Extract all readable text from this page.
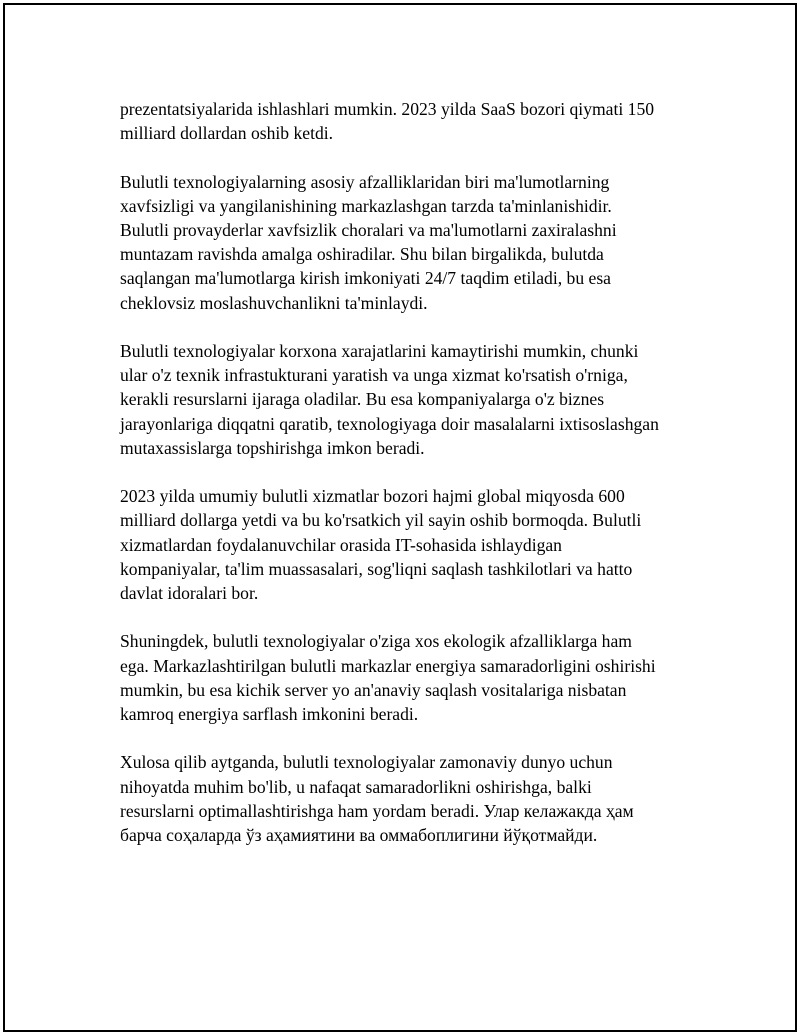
prezentatsiyalarida ishlashlari mumkin. 2023 yilda SaaS bozori qiymati 150
milliard dollardan oshib ketdi.

Bulutli texnologiyalarning asosiy afzalliklaridan biri ma'lumotlarning
xavfsizligi va yangilanishining markazlashgan tarzda ta'minlanishidir.
Bulutli provayderlar xavfsizlik choralari va ma'lumotlarni zaxiralashni
muntazam ravishda amalga oshiradilar. Shu bilan birgalikda, bulutda
saqlangan ma'lumotlarga kirish imkoniyati 24/7 taqdim etiladi, bu esa
cheklovsiz moslashuvchanlikni ta'minlaydi.

Bulutli texnologiyalar korxona xarajatlarini kamaytirishi mumkin, chunki
ular o'z texnik infrastukturani yaratish va unga xizmat ko'rsatish o'rniga,
kerakli resurslarni ijaraga oladilar. Bu esa kompaniyalarga o'z biznes
jarayonlariga diqqatni qaratib, texnologiyaga doir masalalarni ixtisoslashgan
mutaxassislarga topshirishga imkon beradi.

2023 yilda umumiy bulutli xizmatlar bozori hajmi global miqyosda 600
milliard dollarga yetdi va bu ko'rsatkich yil sayin oshib bormoqda. Bulutli
xizmatlardan foydalanuvchilar orasida IT-sohasida ishlaydigan
kompaniyalar, ta'lim muassasalari, sog'liqni saqlash tashkilotlari va hatto
davlat idoralari bor.

Shuningdek, bulutli texnologiyalar o'ziga xos ekologik afzalliklarga ham
ega. Markazlashtirilgan bulutli markazlar energiya samaradorligini oshirishi
mumkin, bu esa kichik server yo an'anaviy saqlash vositalariga nisbatan
kamroq energiya sarflash imkonini beradi.

Xulosa qilib aytganda, bulutli texnologiyalar zamonaviy dunyo uchun
nihoyatda muhim bo'lib, u nafaqat samaradorlikni oshirishga, balki
resurslarni optimallashtirishga ham yordam beradi. Улар келажакда ҳам
барча соҳаларда ўз аҳамиятини ва оммабоплигини йўқотмайди.
